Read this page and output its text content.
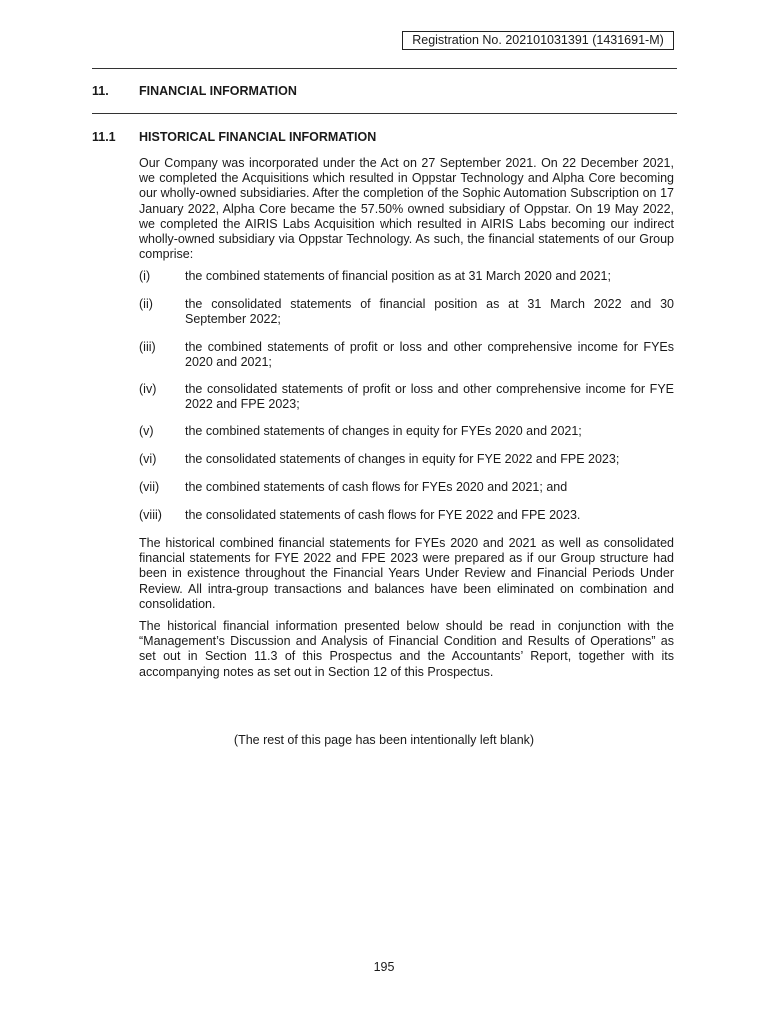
Registration No. 202101031391 (1431691-M)
11. FINANCIAL INFORMATION
11.1 HISTORICAL FINANCIAL INFORMATION
Our Company was incorporated under the Act on 27 September 2021. On 22 December 2021, we completed the Acquisitions which resulted in Oppstar Technology and Alpha Core becoming our wholly-owned subsidiaries. After the completion of the Sophic Automation Subscription on 17 January 2022, Alpha Core became the 57.50% owned subsidiary of Oppstar. On 19 May 2022, we completed the AIRIS Labs Acquisition which resulted in AIRIS Labs becoming our indirect wholly-owned subsidiary via Oppstar Technology. As such, the financial statements of our Group comprise:
(i)	the combined statements of financial position as at 31 March 2020 and 2021;
(ii)	the consolidated statements of financial position as at 31 March 2022 and 30 September 2022;
(iii) the combined statements of profit or loss and other comprehensive income for FYEs 2020 and 2021;
(iv) the consolidated statements of profit or loss and other comprehensive income for FYE 2022 and FPE 2023;
(v)	the combined statements of changes in equity for FYEs 2020 and 2021;
(vi) the consolidated statements of changes in equity for FYE 2022 and FPE 2023;
(vii) the combined statements of cash flows for FYEs 2020 and 2021; and
(viii) the consolidated statements of cash flows for FYE 2022 and FPE 2023.
The historical combined financial statements for FYEs 2020 and 2021 as well as consolidated financial statements for FYE 2022 and FPE 2023 were prepared as if our Group structure had been in existence throughout the Financial Years Under Review and Financial Periods Under Review. All intra-group transactions and balances have been eliminated on combination and consolidation.
The historical financial information presented below should be read in conjunction with the “Management’s Discussion and Analysis of Financial Condition and Results of Operations” as set out in Section 11.3 of this Prospectus and the Accountants’ Report, together with its accompanying notes as set out in Section 12 of this Prospectus.
(The rest of this page has been intentionally left blank)
195
